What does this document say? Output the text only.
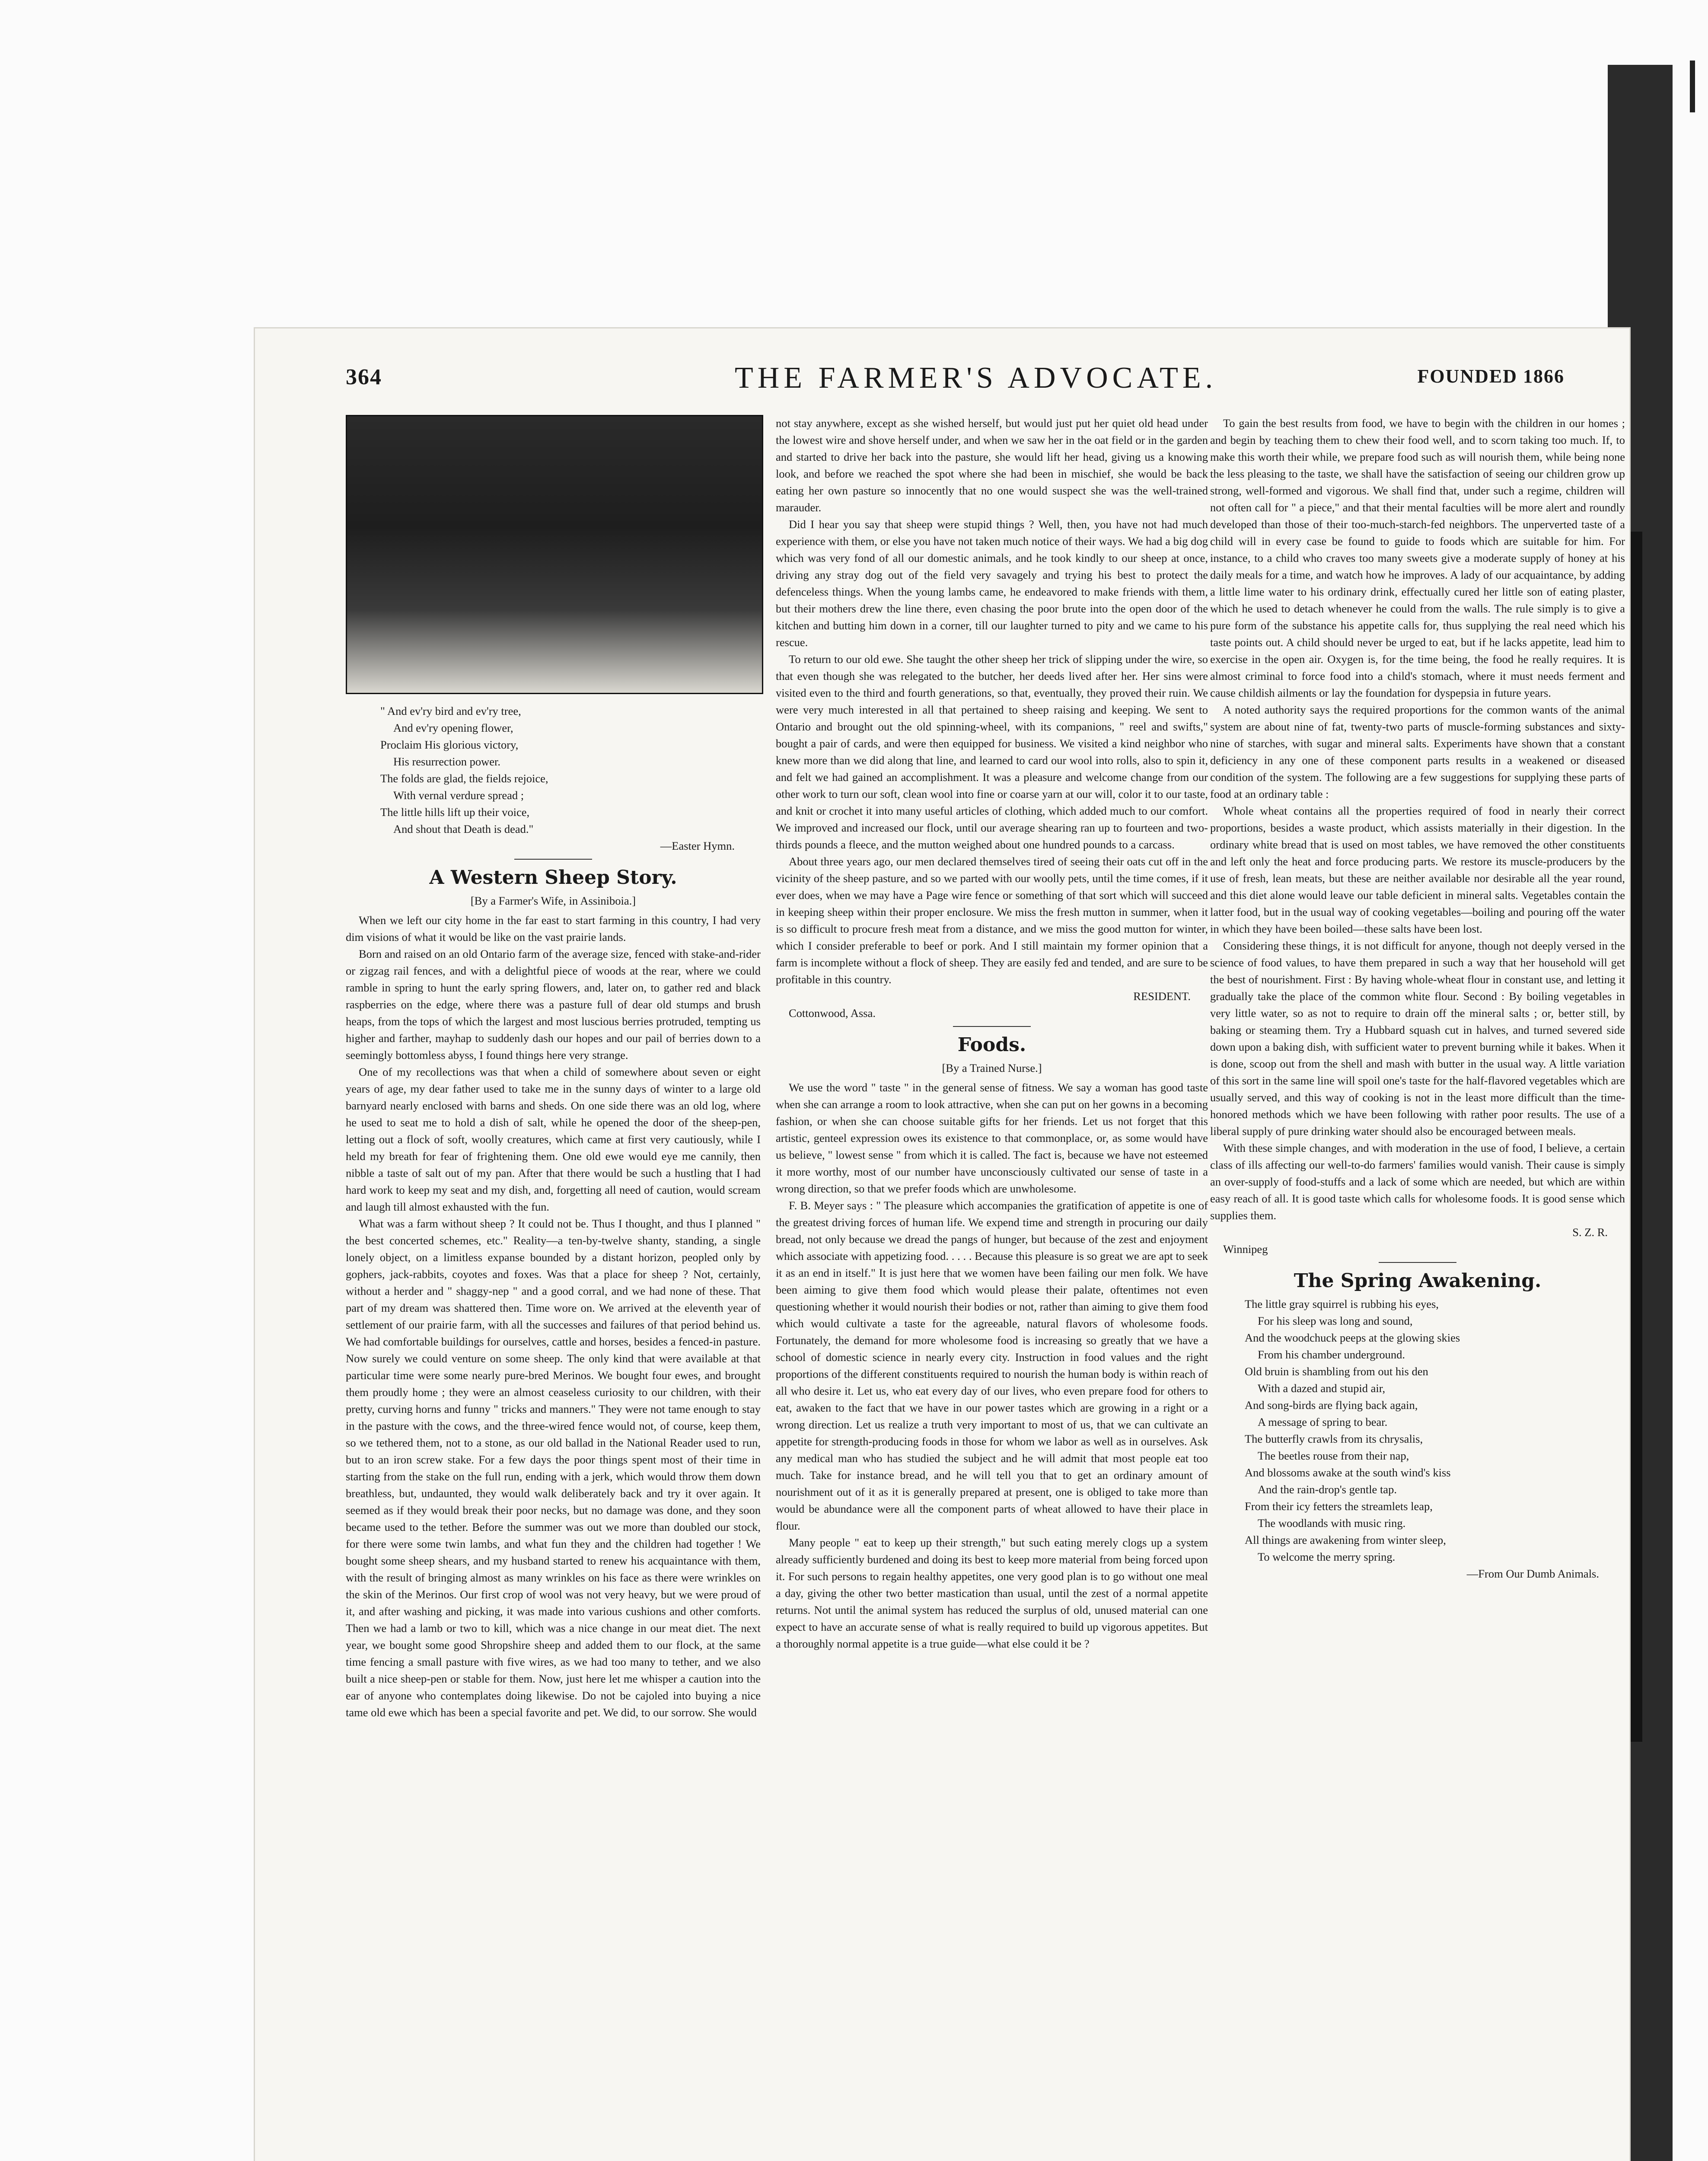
364	THE FARMER'S ADVOCATE.	FOUNDED 1866
" And ev'ry bird and ev'ry tree,
And ev'ry opening flower,
Proclaim His glorious victory,
His resurrection power.
The folds are glad, the fields rejoice,
With vernal verdure spread ;
The little hills lift up their voice,
And shout that Death is dead."
—Easter Hymn.
A Western Sheep Story.
[By a Farmer's Wife, in Assiniboia.]

When we left our city home in the far east to start farming in this country, I had very dim visions of what it would be like on the vast prairie lands.

Born and raised on an old Ontario farm of the average size, fenced with stake-and-rider or zigzag rail fences, and with a delightful piece of woods at the rear, where we could ramble in spring to hunt the early spring flowers, and, later on, to gather red and black raspberries on the edge, where there was a pasture full of dear old stumps and brush heaps, from the tops of which the largest and most luscious berries protruded, tempting us higher and farther, mayhap to suddenly dash our hopes and our pail of berries down to a seemingly bottomless abyss, I found things here very strange.

One of my recollections was that when a child of somewhere about seven or eight years of age, my dear father used to take me in the sunny days of winter to a large old barnyard nearly enclosed with barns and sheds. On one side there was an old log, where he used to seat me to hold a dish of salt, while he opened the door of the sheep-pen, letting out a flock of soft, woolly creatures, which came at first very cautiously, while I held my breath for fear of frightening them. One old ewe would eye me cannily, then nibble a taste of salt out of my pan. After that there would be such a hustling that I had hard work to keep my seat and my dish, and, forgetting all need of caution, would scream and laugh till almost exhausted with the fun.

What was a farm without sheep ? It could not be. Thus I thought, and thus I planned " the best concerted schemes, etc." Reality—a ten-by-twelve shanty, standing, a single lonely object, on a limitless expanse bounded by a distant horizon, peopled only by gophers, jack-rabbits, coyotes and foxes. Was that a place for sheep ? Not, certainly, without a herder and " shaggy-nep " and a good corral, and we had none of these. That part of my dream was shattered then. Time wore on. We arrived at the eleventh year of settlement of our prairie farm, with all the successes and failures of that period behind us. We had comfortable buildings for ourselves, cattle and horses, besides a fenced-in pasture. Now surely we could venture on some sheep. The only kind that were available at that particular time were some nearly pure-bred Merinos. We bought four ewes, and brought them proudly home ; they were an almost ceaseless curiosity to our children, with their pretty, curving horns and funny " tricks and manners." They were not tame enough to stay in the pasture with the cows, and the three-wired fence would not, of course, keep them, so we tethered them, not to a stone, as our old ballad in the National Reader used to run, but to an iron screw stake. For a few days the poor things spent most of their time in starting from the stake on the full run, ending with a jerk, which would throw them down breathless, but, undaunted, they would walk deliberately back and try it over again. It seemed as if they would break their poor necks, but no damage was done, and they soon became used to the tether. Before the summer was out we more than doubled our stock, for there were some twin lambs, and what fun they and the children had together ! We bought some sheep shears, and my husband started to renew his acquaintance with them, with the result of bringing almost as many wrinkles on his face as there were wrinkles on the skin of the Merinos. Our first crop of wool was not very heavy, but we were proud of it, and after washing and picking, it was made into various cushions and other comforts. Then we had a lamb or two to kill, which was a nice change in our meat diet. The next year, we bought some good Shropshire sheep and added them to our flock, at the same time fencing a small pasture with five wires, as we had too many to tether, and we also built a nice sheep-pen or stable for them. Now, just here let me whisper a caution into the ear of anyone who contemplates doing likewise. Do not be cajoled into buying a nice tame old ewe which has been a special favorite and pet. We did, to our sorrow. She would

not stay anywhere, except as she wished herself, but would just put her quiet old head under the lowest wire and shove herself under, and when we saw her in the oat field or in the garden and started to drive her back into the pasture, she would lift her head, giving us a knowing look, and before we reached the spot where she had been in mischief, she would be back eating her own pasture so innocently that no one would suspect she was the well-trained marauder.

Did I hear you say that sheep were stupid things ? Well, then, you have not had much experience with them, or else you have not taken much notice of their ways. We had a big dog which was very fond of all our domestic animals, and he took kindly to our sheep at once, driving any stray dog out of the field very savagely and trying his best to protect the defenceless things. When the young lambs came, he endeavored to make friends with them, but their mothers drew the line there, even chasing the poor brute into the open door of the kitchen and butting him down in a corner, till our laughter turned to pity and we came to his rescue.

To return to our old ewe. She taught the other sheep her trick of slipping under the wire, so that even though she was relegated to the butcher, her deeds lived after her. Her sins were visited even to the third and fourth generations, so that, eventually, they proved their ruin. We were very much interested in all that pertained to sheep raising and keeping. We sent to Ontario and brought out the old spinning-wheel, with its companions, " reel and swifts," bought a pair of cards, and were then equipped for business. We visited a kind neighbor who knew more than we did along that line, and learned to card our wool into rolls, also to spin it, and felt we had gained an accomplishment. It was a pleasure and welcome change from our other work to turn our soft, clean wool into fine or coarse yarn at our will, color it to our taste, and knit or crochet it into many useful articles of clothing, which added much to our comfort. We improved and increased our flock, until our average shearing ran up to fourteen and two-thirds pounds a fleece, and the mutton weighed about one hundred pounds to a carcass.

About three years ago, our men declared themselves tired of seeing their oats cut off in the vicinity of the sheep pasture, and so we parted with our woolly pets, until the time comes, if it ever does, when we may have a Page wire fence or something of that sort which will succeed in keeping sheep within their proper enclosure. We miss the fresh mutton in summer, when it is so difficult to procure fresh meat from a distance, and we miss the good mutton for winter, which I consider preferable to beef or pork. And I still maintain my former opinion that a farm is incomplete without a flock of sheep. They are easily fed and tended, and are sure to be profitable in this country.

RESIDENT.
Cottonwood, Assa.
Foods.
[By a Trained Nurse.]

We use the word " taste " in the general sense of fitness. We say a woman has good taste when she can arrange a room to look attractive, when she can put on her gowns in a becoming fashion, or when she can choose suitable gifts for her friends. Let us not forget that this artistic, genteel expression owes its existence to that commonplace, or, as some would have us believe, " lowest sense " from which it is called. The fact is, because we have not esteemed it more worthy, most of our number have unconsciously cultivated our sense of taste in a wrong direction, so that we prefer foods which are unwholesome.

F. B. Meyer says : " The pleasure which accompanies the gratification of appetite is one of the greatest driving forces of human life. We expend time and strength in procuring our daily bread, not only because we dread the pangs of hunger, but because of the zest and enjoyment which associate with appetizing food. . . . . Because this pleasure is so great we are apt to seek it as an end in itself." It is just here that we women have been failing our men folk. We have been aiming to give them food which would please their palate, oftentimes not even questioning whether it would nourish their bodies or not, rather than aiming to give them food which would cultivate a taste for the agreeable, natural flavors of wholesome foods. Fortunately, the demand for more wholesome food is increasing so greatly that we have a school of domestic science in nearly every city. Instruction in food values and the right proportions of the different constituents required to nourish the human body is within reach of all who desire it. Let us, who eat every day of our lives, who even prepare food for others to eat, awaken to the fact that we have in our power tastes which are growing in a right or a wrong direction. Let us realize a truth very important to most of us, that we can cultivate an appetite for strength-producing foods in those for whom we labor as well as in ourselves. Ask any medical man who has studied the subject and he will admit that most people eat too much. Take for instance bread, and he will tell you that to get an ordinary amount of nourishment out of it as it is generally prepared at present, one is obliged to take more than would be abundance were all the component parts of wheat allowed to have their place in flour.

Many people " eat to keep up their strength," but such eating merely clogs up a system already sufficiently burdened and doing its best to keep more material from being forced upon it. For such persons to regain healthy appetites, one very good plan is to go without one meal a day, giving the other two better mastication than usual, until the zest of a normal appetite returns. Not until the animal system has reduced the surplus of old, unused material can one expect to have an accurate sense of what is really required to build up vigorous appetites. But a thoroughly normal appetite is a true guide—what else could it be ?

To gain the best results from food, we have to begin with the children in our homes ; and begin by teaching them to chew their food well, and to scorn taking too much. If, to make this worth their while, we prepare food such as will nourish them, while being none the less pleasing to the taste, we shall have the satisfaction of seeing our children grow up strong, well-formed and vigorous. We shall find that, under such a regime, children will not often call for " a piece," and that their mental faculties will be more alert and roundly developed than those of their too-much-starch-fed neighbors. The unperverted taste of a child will in every case be found to guide to foods which are suitable for him. For instance, to a child who craves too many sweets give a moderate supply of honey at his daily meals for a time, and watch how he improves. A lady of our acquaintance, by adding a little lime water to his ordinary drink, effectually cured her little son of eating plaster, which he used to detach whenever he could from the walls. The rule simply is to give a pure form of the substance his appetite calls for, thus supplying the real need which his taste points out. A child should never be urged to eat, but if he lacks appetite, lead him to exercise in the open air. Oxygen is, for the time being, the food he really requires. It is almost criminal to force food into a child's stomach, where it must needs ferment and cause childish ailments or lay the foundation for dyspepsia in future years.

A noted authority says the required proportions for the common wants of the animal system are about nine of fat, twenty-two parts of muscle-forming substances and sixty-nine of starches, with sugar and mineral salts. Experiments have shown that a constant deficiency in any one of these component parts results in a weakened or diseased condition of the system. The following are a few suggestions for supplying these parts of food at an ordinary table :

Whole wheat contains all the properties required of food in nearly their correct proportions, besides a waste product, which assists materially in their digestion. In the ordinary white bread that is used on most tables, we have removed the other constituents and left only the heat and force producing parts. We restore its muscle-producers by the use of fresh, lean meats, but these are neither available nor desirable all the year round, and this diet alone would leave our table deficient in mineral salts. Vegetables contain the latter food, but in the usual way of cooking vegetables—boiling and pouring off the water in which they have been boiled—these salts have been lost.

Considering these things, it is not difficult for anyone, though not deeply versed in the science of food values, to have them prepared in such a way that her household will get the best of nourishment. First : By having whole-wheat flour in constant use, and letting it gradually take the place of the common white flour. Second : By boiling vegetables in very little water, so as not to require to drain off the mineral salts ; or, better still, by baking or steaming them. Try a Hubbard squash cut in halves, and turned severed side down upon a baking dish, with sufficient water to prevent burning while it bakes. When it is done, scoop out from the shell and mash with butter in the usual way. A little variation of this sort in the same line will spoil one's taste for the half-flavored vegetables which are usually served, and this way of cooking is not in the least more difficult than the time-honored methods which we have been following with rather poor results. The use of a liberal supply of pure drinking water should also be encouraged between meals.

With these simple changes, and with moderation in the use of food, I believe, a certain class of ills affecting our well-to-do farmers' families would vanish. Their cause is simply an over-supply of food-stuffs and a lack of some which are needed, but which are within easy reach of all. It is good taste which calls for wholesome foods. It is good sense which supplies them.

S. Z. R.
Winnipeg
The Spring Awakening.
The little gray squirrel is rubbing his eyes,
For his sleep was long and sound,
And the woodchuck peeps at the glowing skies
From his chamber underground.
Old bruin is shambling from out his den
With a dazed and stupid air,
And song-birds are flying back again,
A message of spring to bear.
The butterfly crawls from its chrysalis,
The beetles rouse from their nap,
And blossoms awake at the south wind's kiss
And the rain-drop's gentle tap.
From their icy fetters the streamlets leap,
The woodlands with music ring.
All things are awakening from winter sleep,
To welcome the merry spring.
—From Our Dumb Animals.
